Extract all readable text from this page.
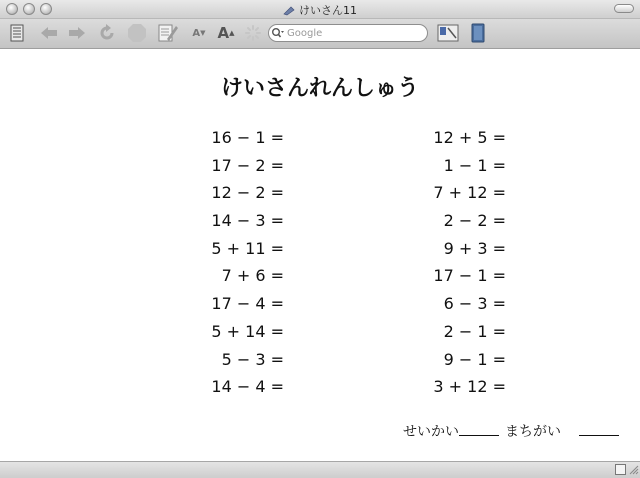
けいさん11
A ▼ A ▲
Google
けいさんれんしゅう
16 − 1 =
17 − 2 =
12 − 2 =
14 − 3 =
5 + 11 =
7 + 6 =
17 − 4 =
5 + 14 =
5 − 3 =
14 − 4 =
12 + 5 =
1 − 1 =
7 + 12 =
2 − 2 =
9 + 3 =
17 − 1 =
6 − 3 =
2 − 1 =
9 − 1 =
3 + 12 =
せいかい	まちがい
